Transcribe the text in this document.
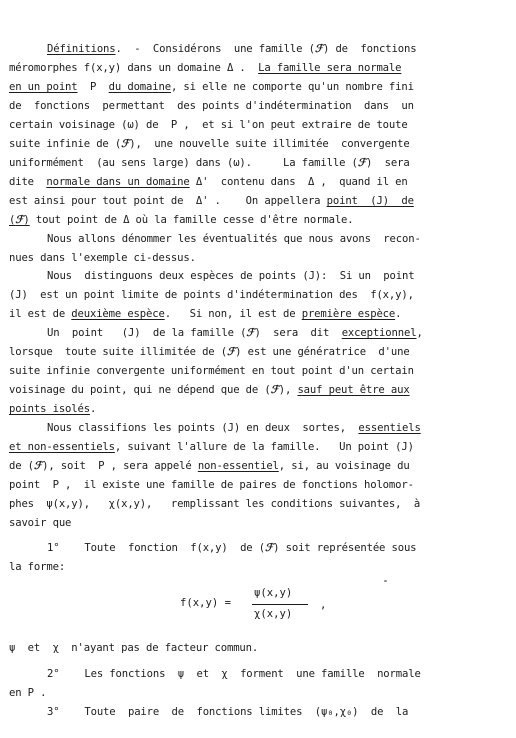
Définitions.  -  Considérons  une famille (ℱ) de  fonctions

méromorphes f(x,y) dans un domaine Δ .  La famille sera normale

en un point  P  du domaine, si elle ne comporte qu'un nombre fini

de  fonctions  permettant  des points d'indétermination  dans  un

certain voisinage (ω) de  P ,  et si l'on peut extraire de toute

suite infinie de (ℱ),  une nouvelle suite illimitée  convergente

uniformément  (au sens large) dans (ω).     La famille (ℱ)  sera

dite  normale dans un domaine Δ'  contenu dans  Δ ,  quand il en

est ainsi pour tout point de  Δ' .    On appellera point  (J)  de

(ℱ) tout point de Δ où la famille cesse d'être normale.

Nous allons dénommer les éventualités que nous avons  recon-

nues dans l'exemple ci-dessus.

Nous  distinguons deux espèces de points (J):  Si un  point

(J)  est un point limite de points d'indétermination des  f(x,y),

il est de deuxième espèce.   Si non, il est de première espèce.

Un  point   (J)  de la famille (ℱ)  sera  dit  exceptionnel,

lorsque  toute suite illimitée de (ℱ) est une génératrice  d'une

suite infinie convergente uniformément en tout point d'un certain

voisinage du point, qui ne dépend que de (ℱ), sauf peut être aux

points isolés.

Nous classifions les points (J) en deux  sortes,  essentiels

et non-essentiels, suivant l'allure de la famille.   Un point (J)

de (ℱ), soit  P , sera appelé non-essentiel, si, au voisinage du

point  P ,  il existe une famille de paires de fonctions holomor-

phes  ψ(x,y),   χ(x,y),   remplissant les conditions suivantes,  à

savoir que

1°    Toute  fonction  f(x,y)  de (ℱ) soit représentée sous

la forme:

ψ  et  χ  n'ayant pas de facteur commun.

2°    Les fonctions  ψ  et  χ  forment  une famille  normale

en P .

3°    Toute  paire  de  fonctions limites  (ψ₀,χ₀)  de  la

f(x,y) =
ψ(x,y)
χ(x,y)
,
